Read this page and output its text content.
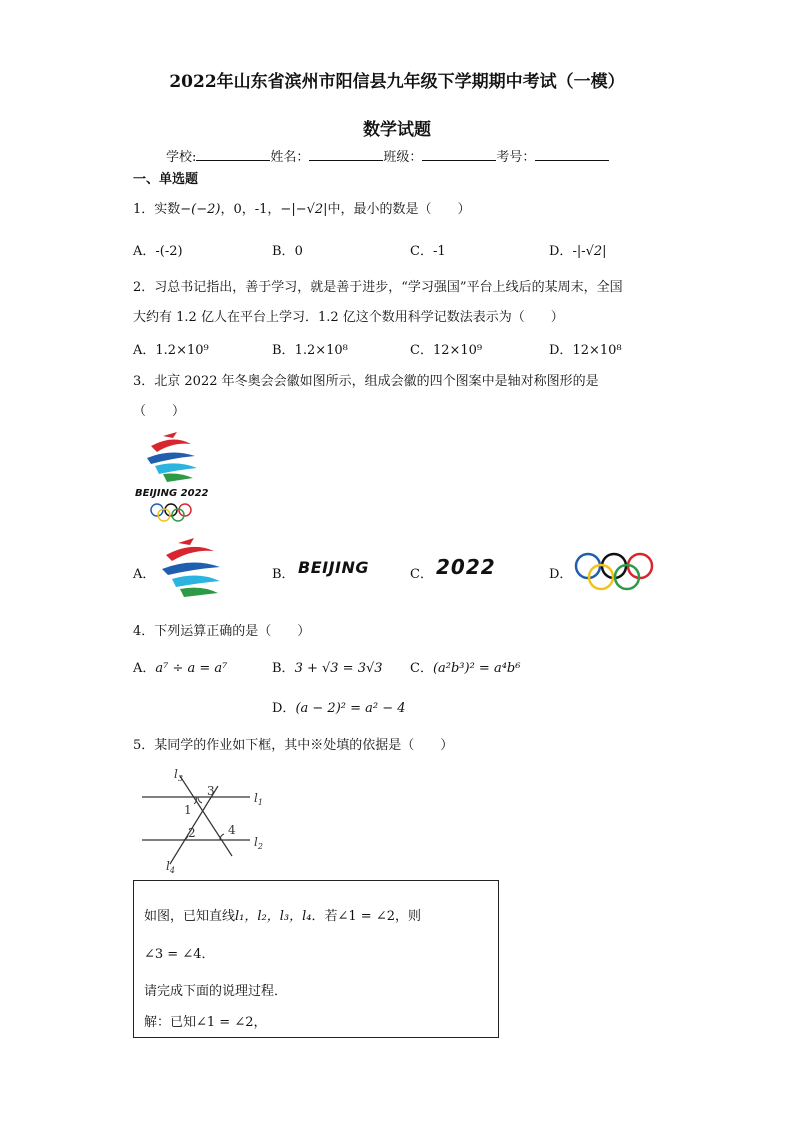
2022年山东省滨州市阳信县九年级下学期期中考试（一模）
数学试题
学校:	姓名：	班级：	考号：
一、单选题
1．实数−(−2)，0，-1，−|−√2|中，最小的数是（　　）
A．-(-2)	B．0	C．-1	D．-|-√2|
2．习总书记指出，善于学习，就是善于进步，“学习强国”平台上线后的某周末，全国
大约有 1.2 亿人在平台上学习．1.2 亿这个数用科学记数法表示为（　　）
A．1.2×10⁹	B．1.2×10⁸	C．12×10⁹	D．12×10⁸
3．北京 2022 年冬奥会会徽如图所示，组成会徽的四个图案中是轴对称图形的是
（　　）
BEIJING 2022
A．	B． BEIJING	C． 2022	D．
4．下列运算正确的是（　　）
A．a⁷ ÷ a = a⁷	B．3 + √3 = 3√3 C．(a²b³)² = a⁴b⁶
D．(a − 2)² = a² − 4
5．某同学的作业如下框，其中※处填的依据是（　　）
$l_3$
$l_1$
$l_2$
$l_4$
3
1
2	4
如图，已知直线l₁，l₂，l₃，l₄．若∠1 = ∠2，则
∠3 = ∠4．
请完成下面的说理过程．
解：已知∠1 = ∠2，
